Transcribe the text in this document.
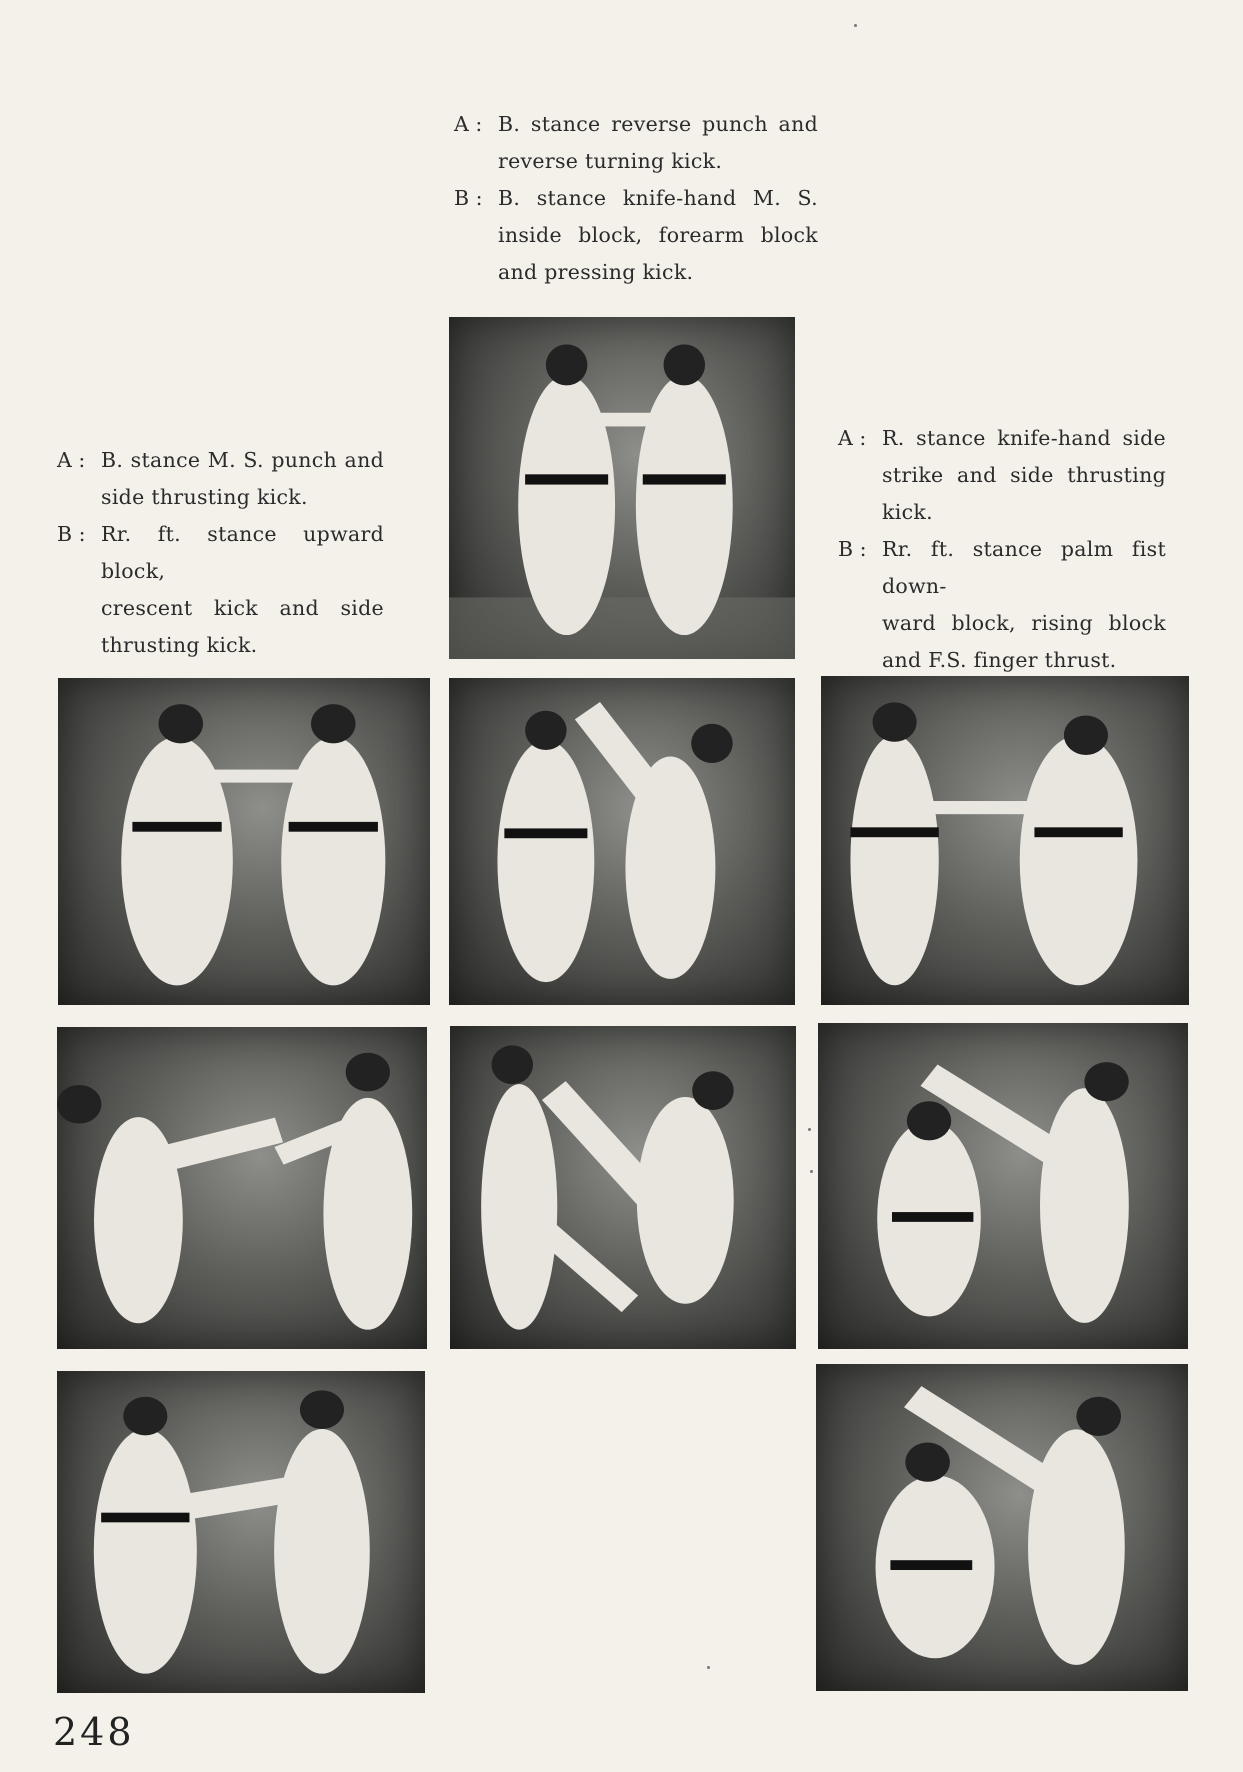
A : B. stance reverse punch and
reverse turning kick.
B : B. stance knife-hand M. S.
inside block, forearm block
and pressing kick.
A : B. stance M. S. punch and
side thrusting kick.
B : Rr. ft. stance upward block,
crescent kick and side
thrusting kick.
A : R. stance knife-hand side
strike and side thrusting
kick.
B : Rr. ft. stance palm fist down-
ward block, rising block
and F.S. finger thrust.
248
